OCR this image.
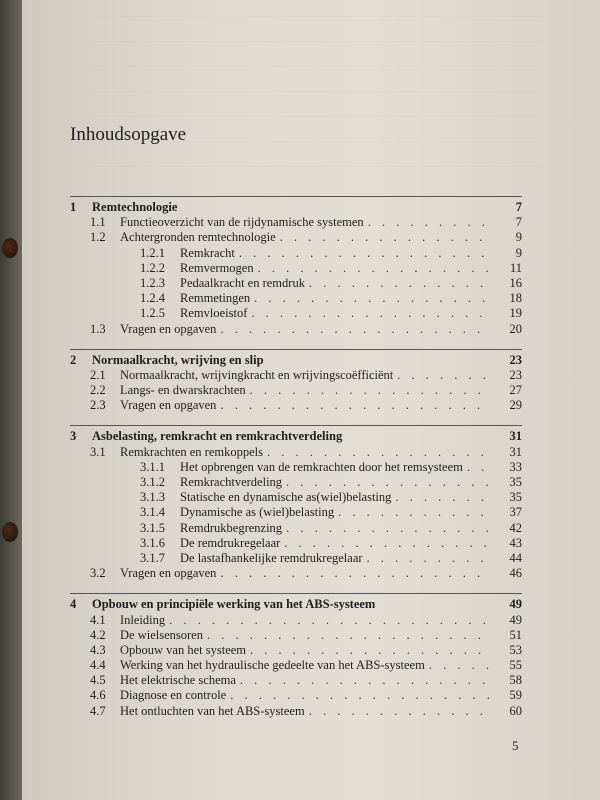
Inhoudsopgave
1	Remtechnologie	7
1.1 Functieoverzicht van de rijdynamische systemen . . .	7
1.2 Achtergronden remtechnologie . . .	9
1.2.1	Remkracht . . .	9
1.2.2	Remvermogen . . .	11
1.2.3	Pedaalkracht en remdruk . . .	16
1.2.4	Remmetingen . . .	18
1.2.5	Remvloeistof . . .	19
1.3 Vragen en opgaven . . .	20
2	Normaalkracht, wrijving en slip	23
2.1 Normaalkracht, wrijvingkracht en wrijvingscoëfficiënt . . .	23
2.2 Langs- en dwarskrachten . . .	27
2.3 Vragen en opgaven . . .	29
3	Asbelasting, remkracht en remkrachtverdeling	31
3.1 Remkrachten en remkoppels . . .	31
3.1.1	Het opbrengen van de remkrachten door het remsysteem . . .	33
3.1.2	Remkrachtverdeling . . .	35
3.1.3	Statische en dynamische as(wiel)belasting . . .	35
3.1.4	Dynamische as (wiel)belasting . . .	37
3.1.5	Remdrukbegrenzing . . .	42
3.1.6	De remdrukregelaar . . .	43
3.1.7	De lastafhankelijke remdrukregelaar . . .	44
3.2 Vragen en opgaven . . .	46
4	Opbouw en principiële werking van het ABS-systeem	49
4.1 Inleiding . . .	49
4.2 De wielsensoren . . .	51
4.3 Opbouw van het systeem . . .	53
4.4 Werking van het hydraulische gedeelte van het ABS-systeem . . .	55
4.5 Het elektrische schema . . .	58
4.6 Diagnose en controle . . .	59
4.7 Het ontluchten van het ABS-systeem . . .	60
5
